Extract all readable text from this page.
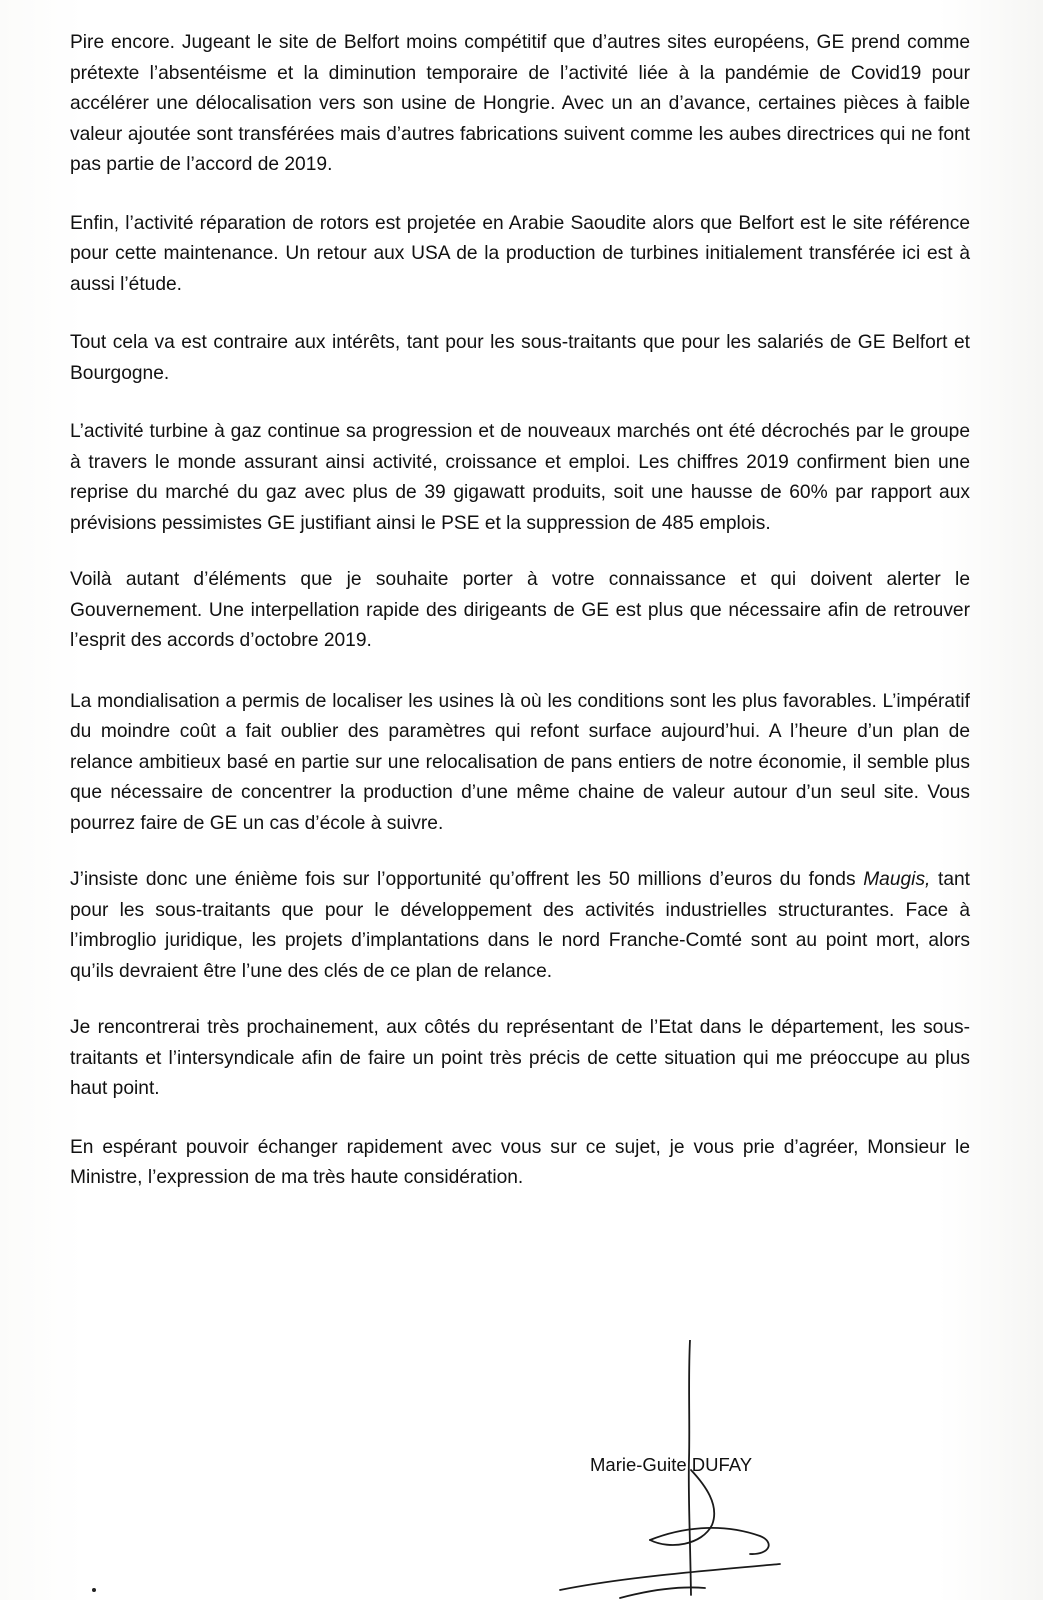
Pire encore. Jugeant le site de Belfort moins compétitif que d’autres sites européens, GE prend comme prétexte l’absentéisme et la diminution temporaire de l’activité liée à la pandémie de Covid19 pour accélérer une délocalisation vers son usine de Hongrie. Avec un an d’avance, certaines pièces à faible valeur ajoutée sont transférées mais d’autres fabrications suivent comme les aubes directrices qui ne font pas partie de l’accord de 2019.

Enfin, l’activité réparation de rotors est projetée en Arabie Saoudite alors que Belfort est le site référence pour cette maintenance. Un retour aux USA de la production de turbines initialement transférée ici est à aussi l’étude.

Tout cela va est contraire aux intérêts, tant pour les sous-traitants que pour les salariés de GE Belfort et Bourgogne.

L’activité turbine à gaz continue sa progression et de nouveaux marchés ont été décrochés par le groupe à travers le monde assurant ainsi activité, croissance et emploi. Les chiffres 2019 confirment bien une reprise du marché du gaz avec plus de 39 gigawatt produits, soit une hausse de 60% par rapport aux prévisions pessimistes GE justifiant ainsi le PSE et la suppression de 485 emplois.

Voilà autant d’éléments que je souhaite porter à votre connaissance et qui doivent alerter le Gouvernement. Une interpellation rapide des dirigeants de GE est plus que nécessaire afin de retrouver l’esprit des accords d’octobre 2019.

La mondialisation a permis de localiser les usines là où les conditions sont les plus favorables. L’impératif du moindre coût a fait oublier des paramètres qui refont surface aujourd’hui. A l’heure d’un plan de relance ambitieux basé en partie sur une relocalisation de pans entiers de notre économie, il semble plus que nécessaire de concentrer la production d’une même chaine de valeur autour d’un seul site. Vous pourrez faire de GE un cas d’école à suivre.

J’insiste donc une énième fois sur l’opportunité qu’offrent les 50 millions d’euros du fonds Maugis, tant pour les sous-traitants que pour le développement des activités industrielles structurantes. Face à l’imbroglio juridique, les projets d’implantations dans le nord Franche-Comté sont au point mort, alors qu’ils devraient être l’une des clés de ce plan de relance.

Je rencontrerai très prochainement, aux côtés du représentant de l’Etat dans le département, les sous-traitants et l’intersyndicale afin de faire un point très précis de cette situation qui me préoccupe au plus haut point.

En espérant pouvoir échanger rapidement avec vous sur ce sujet, je vous prie d’agréer, Monsieur le Ministre, l’expression de ma très haute considération.

Marie-Guite DUFAY
